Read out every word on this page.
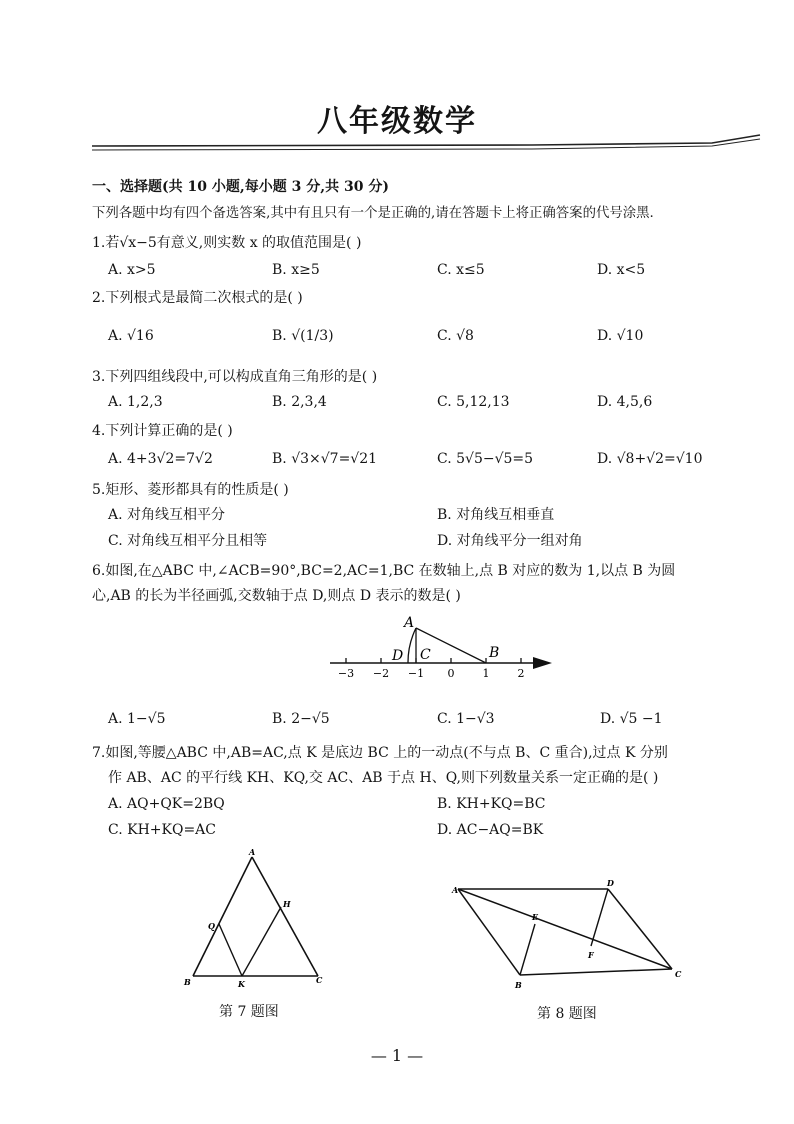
八年级数学
一、选择题(共 10 小题,每小题 3 分,共 30 分)
下列各题中均有四个备选答案,其中有且只有一个是正确的,请在答题卡上将正确答案的代号涂黑.
1.若√x−5有意义,则实数 x 的取值范围是( )
A. x>5	B. x≥5	C. x≤5	D. x<5
2.下列根式是最简二次根式的是( )
A. √16	B. √(1/3)	C. √8	D. √10
3.下列四组线段中,可以构成直角三角形的是( )
A. 1,2,3	B. 2,3,4	C. 5,12,13	D. 4,5,6
4.下列计算正确的是( )
A. 4+3√2=7√2	B. √3×√7=√21	C. 5√5−√5=5	D. √8+√2=√10
5.矩形、菱形都具有的性质是( )
A. 对角线互相平分	B. 对角线互相垂直
C. 对角线互相平分且相等	D. 对角线平分一组对角
6.如图,在△ABC 中,∠ACB=90°,BC=2,AC=1,BC 在数轴上,点 B 对应的数为 1,以点 B 为圆
心,AB 的长为半径画弧,交数轴于点 D,则点 D 表示的数是( )
−3 −2 −1 0	1	2
A
B
C
D
A. 1−√5	B. 2−√5	C. 1−√3	D. √5 −1
7.如图,等腰△ABC 中,AB=AC,点 K 是底边 BC 上的一动点(不与点 B、C 重合),过点 K 分别
作 AB、AC 的平行线 KH、KQ,交 AC、AB 于点 H、Q,则下列数量关系一定正确的是( )
A. AQ+QK=2BQ	B. KH+KQ=BC
C. KH+KQ=AC	D. AC−AQ=BK
A
B	C
Q
H
K
第 7 题图
A
D
C
B
E
F
第 8 题图
— 1 —
